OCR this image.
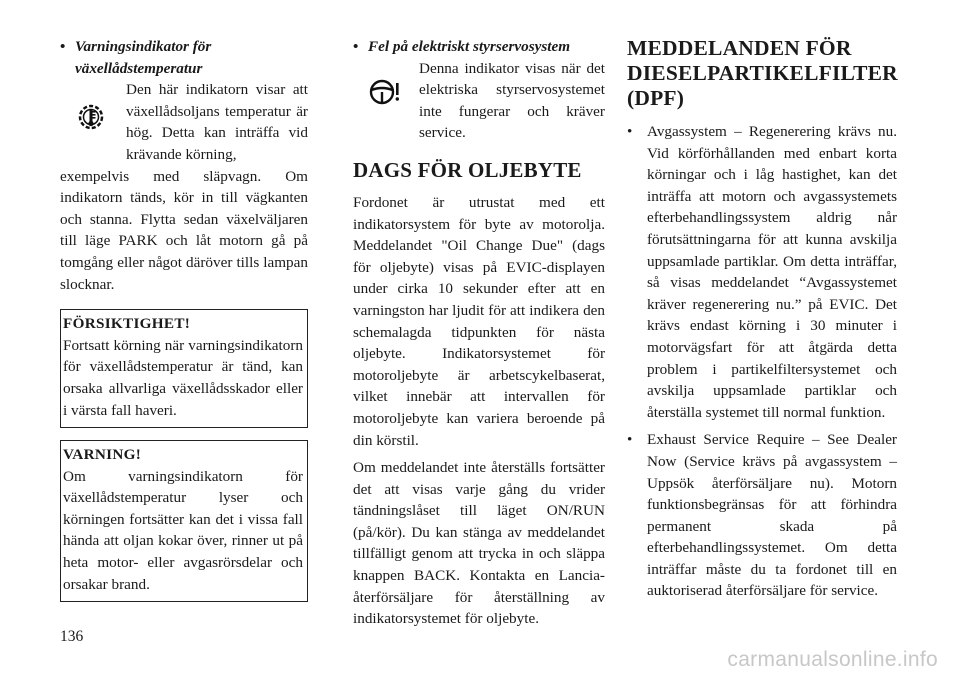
• Varningsindikator för
växellådstemperatur
Den här indikatorn visar att växellådsoljans temperatur är hög. Detta kan inträffa vid krävande körning,

exempelvis med släpvagn. Om indikatorn tänds, kör in till vägkanten och stanna. Flytta sedan växelväljaren till läge PARK och låt motorn gå på tomgång eller något däröver tills lampan slocknar.

FÖRSIKTIGHET!
Fortsatt körning när varningsindikatorn för växellådstemperatur är tänd, kan orsaka allvarliga växellådsskador eller i värsta fall haveri.
VARNING!
Om varningsindikatorn för växellådstemperatur lyser och körningen fortsätter kan det i vissa fall hända att oljan kokar över, rinner ut på heta motor- eller avgasrörsdelar och orsakar brand.
• Fel på elektriskt styrservosystem
Denna indikator visas när det elektriska styrservosystemet inte fungerar och kräver service.
DAGS FÖR OLJEBYTE

Fordonet är utrustat med ett indikatorsystem för byte av motorolja. Meddelandet "Oil Change Due" (dags för oljebyte) visas på EVIC-displayen under cirka 10 sekunder efter att en varningston har ljudit för att indikera den schemalagda tidpunkten för nästa oljebyte. Indikatorsystemet för motoroljebyte är arbetscykelbaserat, vilket innebär att intervallen för motoroljebyte kan variera beroende på din körstil.

Om meddelandet inte återställs fortsätter det att visas varje gång du vrider tändningslåset till läget ON/RUN (på/kör). Du kan stänga av meddelandet tillfälligt genom att trycka in och släppa knappen BACK. Kontakta en Lancia-återförsäljare för återställning av indikatorsystemet för oljebyte.

MEDDELANDEN FÖR DIESELPARTIKELFILTER (DPF)
• Avgassystem – Regenerering krävs nu. Vid körförhållanden med enbart korta körningar och i låg hastighet, kan det inträffa att motorn och avgassystemets efterbehandlingssystem aldrig når förutsättningarna för att kunna avskilja uppsamlade partiklar. Om detta inträffar, så visas meddelandet “Avgassystemet kräver regenerering nu.” på EVIC. Det krävs endast körning i 30 minuter i motorvägsfart för att åtgärda detta problem i partikelfiltersystemet och avskilja uppsamlade partiklar och återställa systemet till normal funktion.
• Exhaust Service Require – See Dealer Now (Service krävs på avgassystem – Uppsök återförsäljare nu). Motorn funktionsbegränsas för att förhindra permanent skada på efterbehandlingssystemet. Om detta inträffar måste du ta fordonet till en auktoriserad återförsäljare för service.
136
carmanualsonline.info
